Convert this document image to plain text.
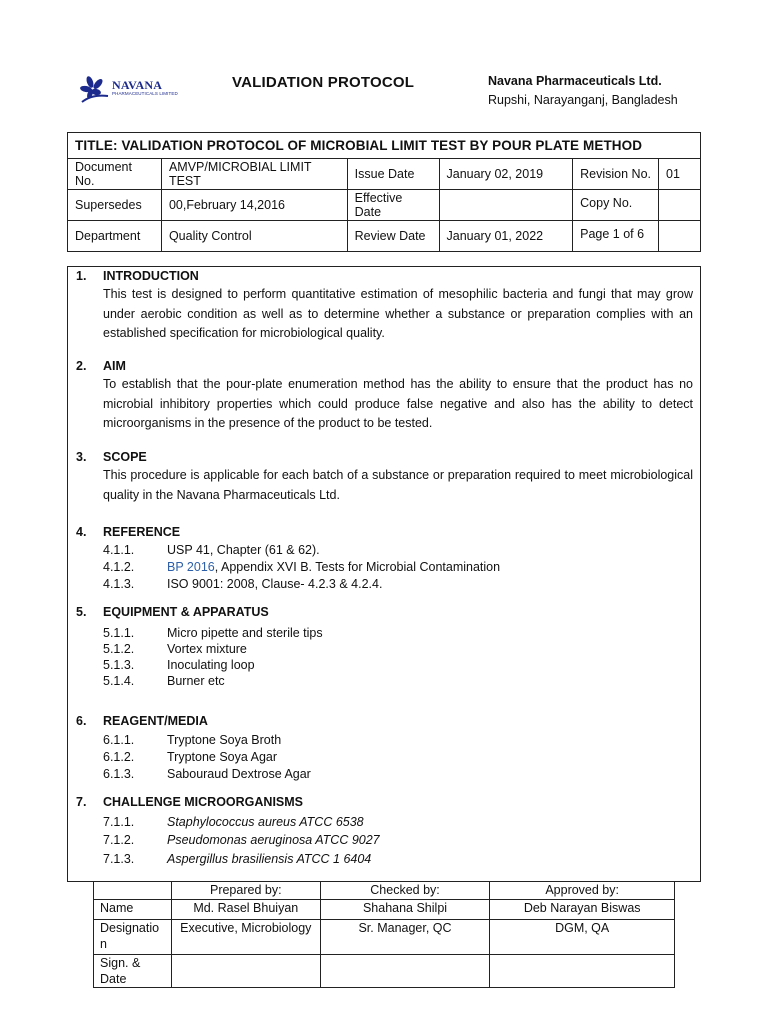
NAVANA
PHARMACEUTICALS LIMITED
VALIDATION PROTOCOL	Navana Pharmaceuticals Ltd.
Rupshi, Narayanganj, Bangladesh
TITLE: VALIDATION PROTOCOL OF MICROBIAL LIMIT TEST BY POUR PLATE METHOD					
Document No.	AMVP/MICROBIAL LIMIT TEST	Issue Date	January 02, 2019	Revision No.	01
Supersedes	00,February 14,2016	Effective Date		Copy No.	
Department	Quality Control	Review Date	January 01, 2022	Page 1 of 6	
1. INTRODUCTION
This test is designed to perform quantitative estimation of mesophilic bacteria and fungi that may grow under aerobic condition as well as to determine whether a substance or preparation complies with an established specification for microbiological quality.
2. AIM
To establish that the pour-plate enumeration method has the ability to ensure that the product has no microbial inhibitory properties which could produce false negative and also has the ability to detect microorganisms in the presence of the product to be tested.
3. SCOPE
This procedure is applicable for each batch of a substance or preparation required to meet microbiological quality in the Navana Pharmaceuticals Ltd.
4. REFERENCE
4.1.1.	USP 41, Chapter (61 & 62).
4.1.2.	BP 2016, Appendix XVI B. Tests for Microbial Contamination
4.1.3.	ISO 9001: 2008, Clause- 4.2.3 & 4.2.4.
5. EQUIPMENT & APPARATUS
5.1.1.	Micro pipette and sterile tips
5.1.2.	Vortex mixture
5.1.3.	Inoculating loop
5.1.4.	Burner etc
6. REAGENT/MEDIA
6.1.1.	Tryptone Soya Broth
6.1.2.	Tryptone Soya Agar
6.1.3.	Sabouraud Dextrose Agar
7. CHALLENGE MICROORGANISMS
7.1.1.	Staphylococcus aureus ATCC 6538
7.1.2.	Pseudomonas aeruginosa ATCC 9027
7.1.3.	Aspergillus brasiliensis ATCC 1 6404
	Prepared by:	Checked by:	Approved by:
Name	Md. Rasel Bhuiyan	Shahana Shilpi	Deb Narayan Biswas
Designation	Executive, Microbiology	Sr. Manager, QC	DGM, QA
Sign. & Date			
